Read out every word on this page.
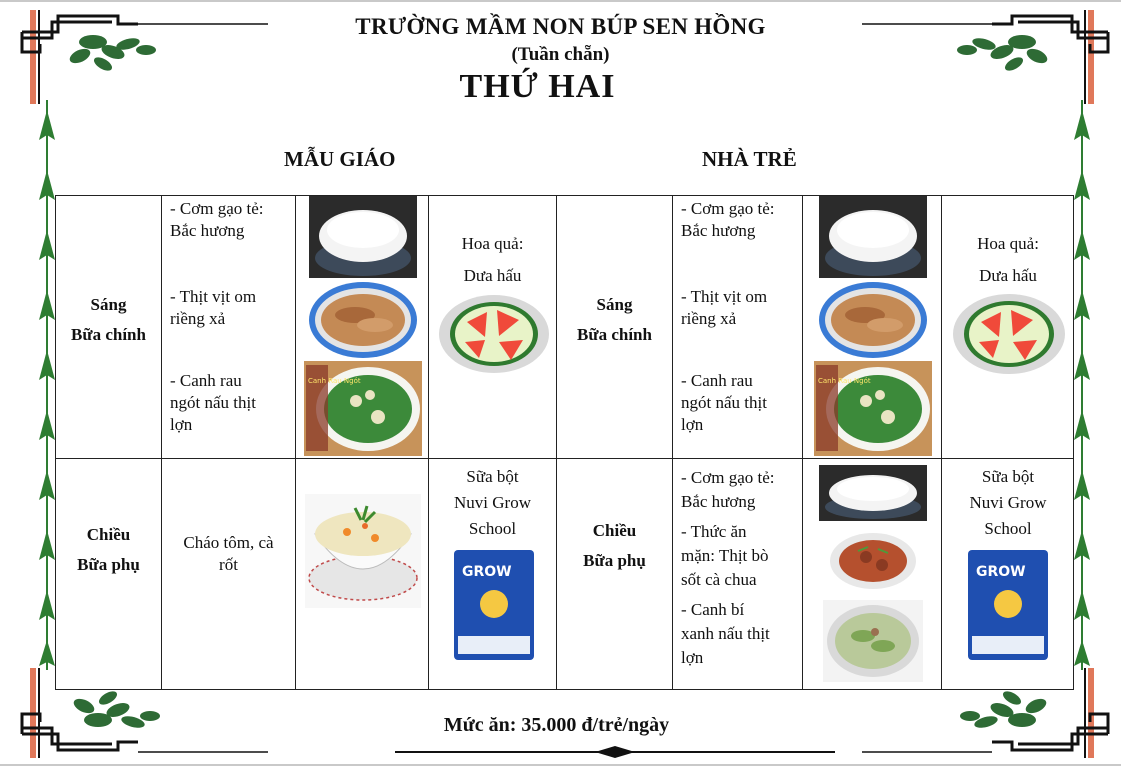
TRƯỜNG MẦM NON BÚP SEN HỒNG
(Tuần chẵn)
THỨ HAI
MẪU GIÁO	NHÀ TRẺ
Sáng
Bữa chính
- Cơm gạo tẻ:
Bắc hương
- Thịt vịt om
riềng xả
- Canh rau
ngót nấu thịt
lợn
Canh Rau Ngót
Hoa quả:
Dưa hấu
Chiều
Bữa phụ
Cháo tôm, cà
rốt
Sữa bột
Nuvi Grow
School
GROW
Sáng
Bữa chính
- Cơm gạo tẻ:
Bắc hương
- Thịt vịt om
riềng xả
- Canh rau
ngót nấu thịt
lợn
Canh Rau Ngót
Hoa quả:
Dưa hấu
Chiều
Bữa phụ
- Cơm gạo tẻ:
Bắc hương
- Thức ăn
mặn: Thịt bò
sốt cà chua
- Canh bí
xanh nấu thịt
lợn
Sữa bột
Nuvi Grow
School
GROW
Mức ăn: 35.000 đ/trẻ/ngày
